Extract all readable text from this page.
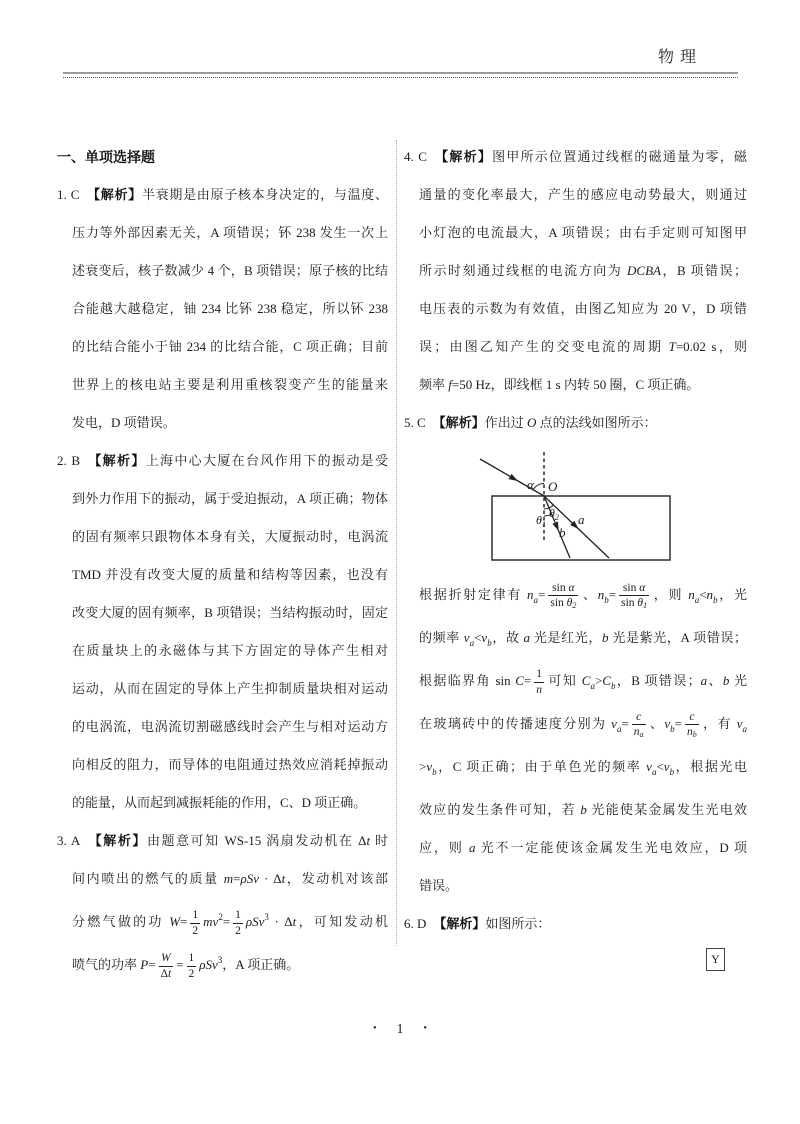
物理
一、单项选择题
1. C 【解析】半衰期是由原子核本身决定的，与温度、
压力等外部因素无关，A 项错误；钚 238 发生一次上
述衰变后，核子数减少 4 个，B 项错误；原子核的比结
合能越大越稳定，铀 234 比钚 238 稳定，所以钚 238
的比结合能小于铀 234 的比结合能，C 项正确；目前
世界上的核电站主要是利用重核裂变产生的能量来
发电，D 项错误。
2. B 【解析】上海中心大厦在台风作用下的振动是受
到外力作用下的振动，属于受迫振动，A 项正确；物体
的固有频率只跟物体本身有关，大厦振动时，电涡流
TMD 并没有改变大厦的质量和结构等因素，也没有
改变大厦的固有频率，B 项错误；当结构振动时，固定
在质量块上的永磁体与其下方固定的导体产生相对
运动，从而在固定的导体上产生抑制质量块相对运动
的电涡流，电涡流切割磁感线时会产生与相对运动方
向相反的阻力，而导体的电阻通过热效应消耗掉振动
的能量，从而起到减振耗能的作用，C、D 项正确。
3. A 【解析】由题意可知 WS-15 涡扇发动机在 Δt 时
间内喷出的燃气的质量 m=ρSv · Δt，发动机对该部
分燃气做的功 $W= \frac{1}{2} mv^2= \frac{1}{2} \rho Sv^3 \cdot \Delta t$，可知发动机
喷气的功率 $P= \frac{W}{\Delta t} = \frac{1}{2} \rho Sv^3$，A 项正确。
4. C 【解析】图甲所示位置通过线框的磁通量为零，磁
通量的变化率最大，产生的感应电动势最大，则通过
小灯泡的电流最大，A 项错误；由右手定则可知图甲
所示时刻通过线框的电流方向为 DCBA，B 项错误；
电压表的示数为有效值，由图乙知应为 20 V，D 项错
误；由图乙知产生的交变电流的周期 T=0.02 s，则
频率 f=50 Hz，即线框 1 s 内转 50 圈，C 项正确。
5. C 【解析】作出过 O 点的法线如图所示：
α O
$\theta_1$
$\theta_2$ a
b
根据折射定律有 $n_a= \frac{\text{sin α}}{\text{sin θ2}}$ 、$n_b= \frac{\text{sin α}}{\text{sin θ1}}$ ，则 $n_a<n_b$，光
的频率 $\nu_a<\nu_b$，故 a 光是红光，b 光是紫光，A 项错误；
根据临界角 $\sin C= \frac{1}{n}$ 可知 $C_a>C_b$，B 项错误；a、b 光
在玻璃砖中的传播速度分别为 $v_a= \frac{c}{na}$ 、$v_b= \frac{c}{nb}$ ，有 $v_a$
$>v_b$，C 项正确；由于单色光的频率 $\nu_a<\nu_b$，根据光电
效应的发生条件可知，若 b 光能使某金属发生光电效
应，则 a 光不一定能使该金属发生光电效应，D 项
错误。
6. D 【解析】如图所示：
Y
• 1 •
